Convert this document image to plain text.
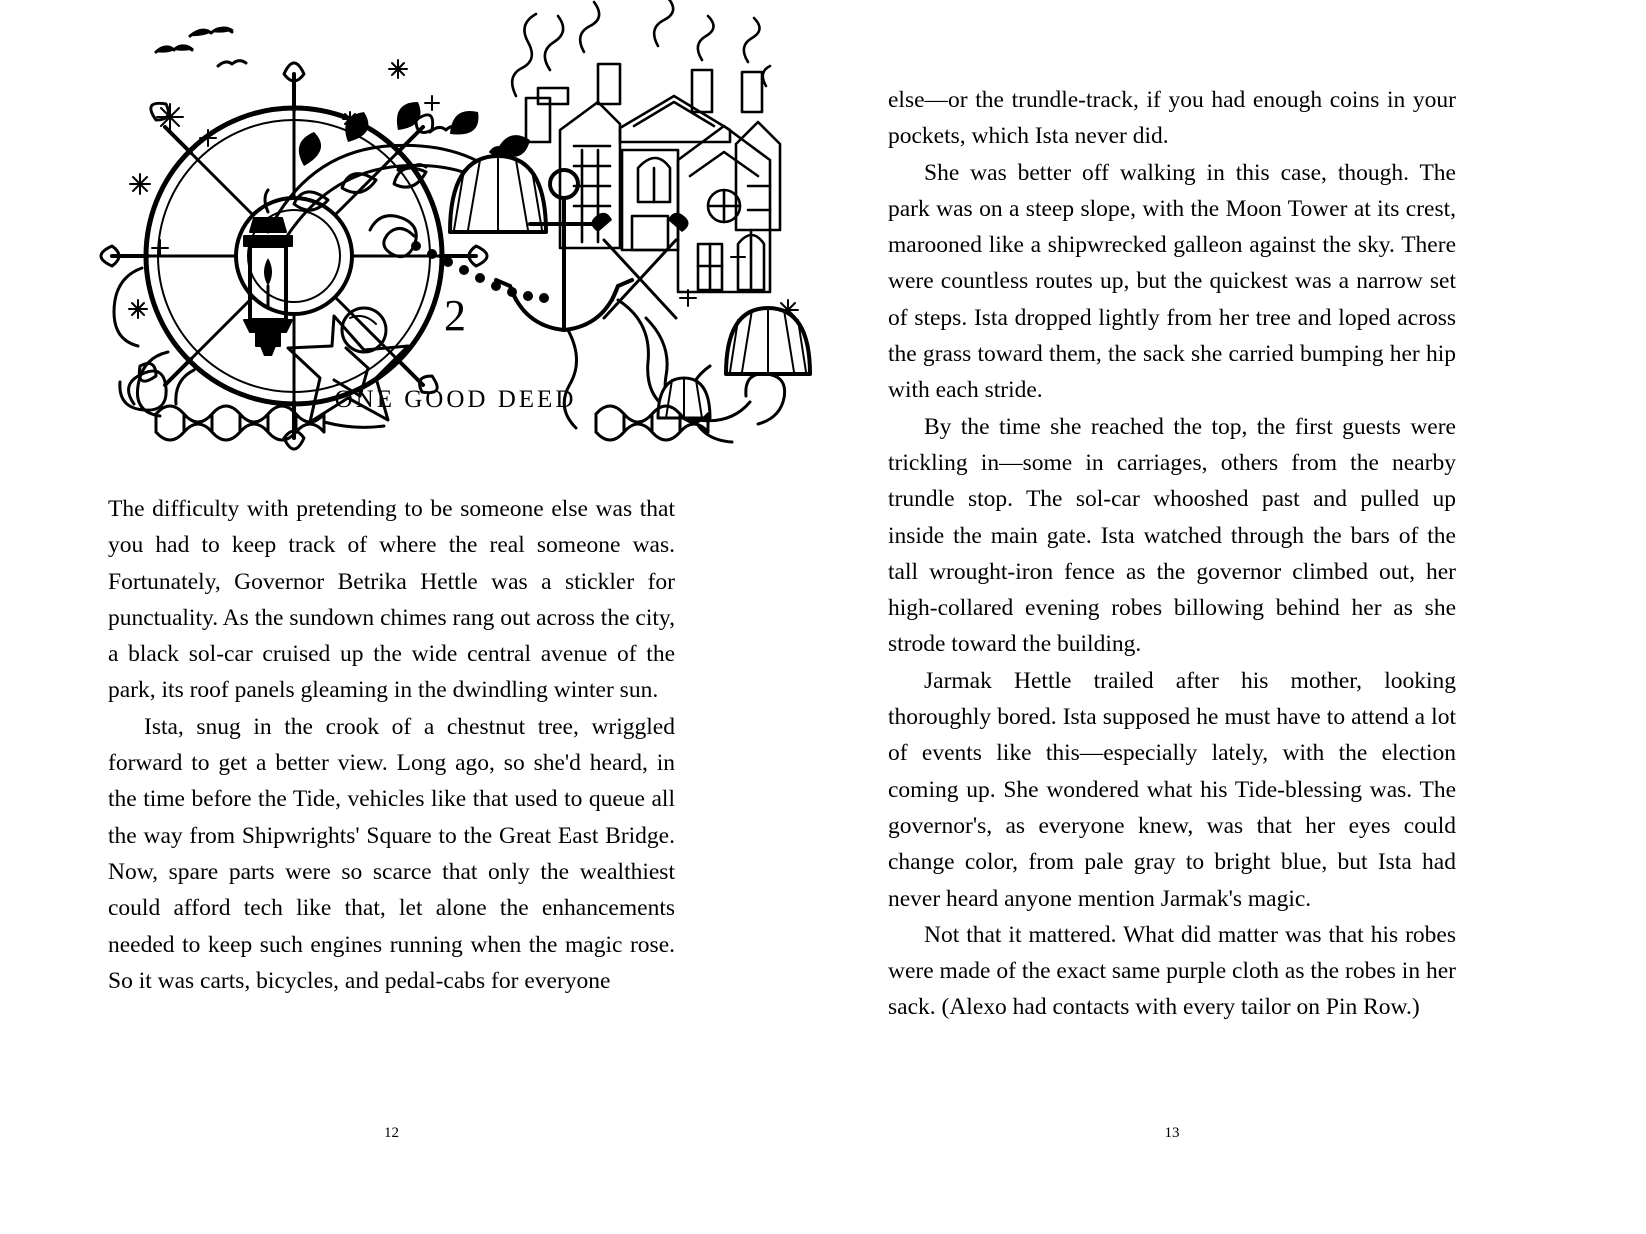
2
ONE GOOD DEED

The difficulty with pretending to be someone else was that you had to keep track of where the real someone was. Fortunately, Governor Betrika Hettle was a stickler for punctuality. As the sundown chimes rang out across the city, a black sol-car cruised up the wide central avenue of the park, its roof panels gleaming in the dwindling winter sun.

Ista, snug in the crook of a chestnut tree, wriggled forward to get a better view. Long ago, so she'd heard, in the time before the Tide, vehicles like that used to queue all the way from Shipwrights' Square to the Great East Bridge. Now, spare parts were so scarce that only the wealthiest could afford tech like that, let alone the enhancements needed to keep such engines running when the magic rose. So it was carts, bicycles, and pedal-cabs for everyone

12

else—or the trundle-track, if you had enough coins in your pockets, which Ista never did.

She was better off walking in this case, though. The park was on a steep slope, with the Moon Tower at its crest, marooned like a shipwrecked galleon against the sky. There were countless routes up, but the quickest was a narrow set of steps. Ista dropped lightly from her tree and loped across the grass toward them, the sack she carried bumping her hip with each stride.

By the time she reached the top, the first guests were trickling in—some in carriages, others from the nearby trundle stop. The sol-car whooshed past and pulled up inside the main gate. Ista watched through the bars of the tall wrought-iron fence as the governor climbed out, her high-collared evening robes billowing behind her as she strode toward the building.

Jarmak Hettle trailed after his mother, looking thoroughly bored. Ista supposed he must have to attend a lot of events like this—especially lately, with the election coming up. She wondered what his Tide-blessing was. The governor's, as everyone knew, was that her eyes could change color, from pale gray to bright blue, but Ista had never heard anyone mention Jarmak's magic.

Not that it mattered. What did matter was that his robes were made of the exact same purple cloth as the robes in her sack. (Alexo had contacts with every tailor on Pin Row.)

13
